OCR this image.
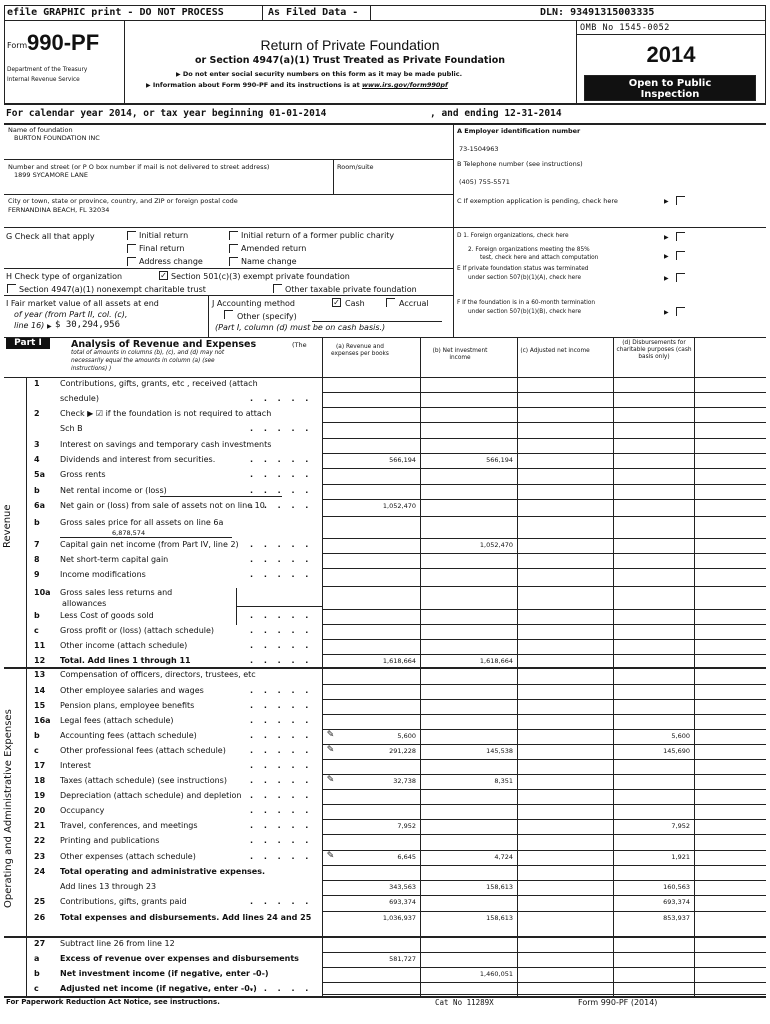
efile GRAPHIC print - DO NOT PROCESS	As Filed Data -	DLN: 93491315003335
Form 990-PF
Department of the Treasury
Internal Revenue Service
Return of Private Foundation
or Section 4947(a)(1) Trust Treated as Private Foundation
▶ Do not enter social security numbers on this form as it may be made public.
▶ Information about Form 990-PF and its instructions is at www.irs.gov/form990pf
OMB No 1545-0052
2014
Open to Public
Inspection
For calendar year 2014, or tax year beginning 01-01-2014	, and ending 12-31-2014
Name of foundation
BURTON FOUNDATION INC
Number and street (or P O box number if mail is not delivered to street address)
1899 SYCAMORE LANE
Room/suite
City or town, state or province, country, and ZIP or foreign postal code
FERNANDINA BEACH, FL 32034
A Employer identification number
73-1504963
B Telephone number (see instructions)
(405) 755-5571
C If exemption application is pending, check here
▶
G Check all that apply	Initial return	Initial return of a former public charity
Final return	Amended return
Address change	Name change
D 1. Foreign organizations, check here
▶
2. Foreign organizations meeting the 85%
test, check here and attach computation
▶
E If private foundation status was terminated
under section 507(b)(1)(A), check here
▶
F If the foundation is in a 60-month termination
under section 507(b)(1)(B), check here
▶
H Check type of organization	✓ Section 501(c)(3) exempt private foundation
Section 4947(a)(1) nonexempt charitable trust	Other taxable private foundation
I Fair market value of all assets at end
of year (from Part II, col. (c),
line 16)
▶ $ 30,294,956
J Accounting method	✓ Cash	Accrual
Other (specify)
(Part I, column (d) must be on cash basis.)
Part I	Analysis of Revenue and Expenses	(The
total of amounts in columns (b), (c), and (d) may not
necessarily equal the amounts in column (a) (see
instructions) )
(a) Revenue and expenses per books	(b) Net investment income
(c) Adjusted net income
(d) Disbursements for charitable purposes (cash basis only)
Revenue
Operating and Administrative Expenses
1	Contributions, gifts, grants, etc , received (attach
schedule)	. . . . .
2	Check ▶ ☑ if the foundation is not required to attach
Sch B	. . . . .
3	Interest on savings and temporary cash investments
4	Dividends and interest from securities.	. . . . .	566,194	566,194
5a Gross rents	. . . . .
b	Net rental income or (loss)	. . . . .
6a Net gain or (loss) from sale of assets not on line 10
. . . . .	1,052,470
b	Gross sales price for all assets on line 6a
7	Capital gain net income (from Part IV, line 2) . . . . .	1,052,470
8	Net short-term capital gain	. . . . .
9	Income modifications	. . . . .
10a Gross sales less returns and
b	Less Cost of goods sold	. . . . .
c	Gross profit or (loss) (attach schedule)	. . . . .
11 Other income (attach schedule)	. . . . .
12 Total. Add lines 1 through 11	. . . . .	1,618,664	1,618,664
13 Compensation of officers, directors, trustees, etc
14 Other employee salaries and wages	. . . . .
15 Pension plans, employee benefits	. . . . .
16a Legal fees (attach schedule)	. . . . .
b	Accounting fees (attach schedule)	. . . . . ✎	5,600	5,600
c	Other professional fees (attach schedule)	. . . . . ✎	291,228	145,538	145,690
17 Interest	. . . . .
18 Taxes (attach schedule) (see instructions)	. . . . . ✎	32,738	8,351
19 Depreciation (attach schedule) and depletion . . . . .
20 Occupancy	. . . . .
21 Travel, conferences, and meetings	. . . . .	7,952	7,952
22 Printing and publications	. . . . .
23 Other expenses (attach schedule)	. . . . . ✎	6,645	4,724	1,921
24 Total operating and administrative expenses.
Add lines 13 through 23	343,563	158,613	160,563
25 Contributions, gifts, grants paid	. . . . .	693,374	693,374
26 Total expenses and disbursements. Add lines 24 and 25	1,036,937	158,613	853,937
27 Subtract line 26 from line 12
a	Excess of revenue over expenses and disbursements	581,727
b	Net investment income (if negative, enter -0-)	1,460,051
c	Adjusted net income (if negative, enter -0-)
. . . . .
6,878,574
allowances
For Paperwork Reduction Act Notice, see instructions.	Cat No 11289X	Form 990-PF (2014)
